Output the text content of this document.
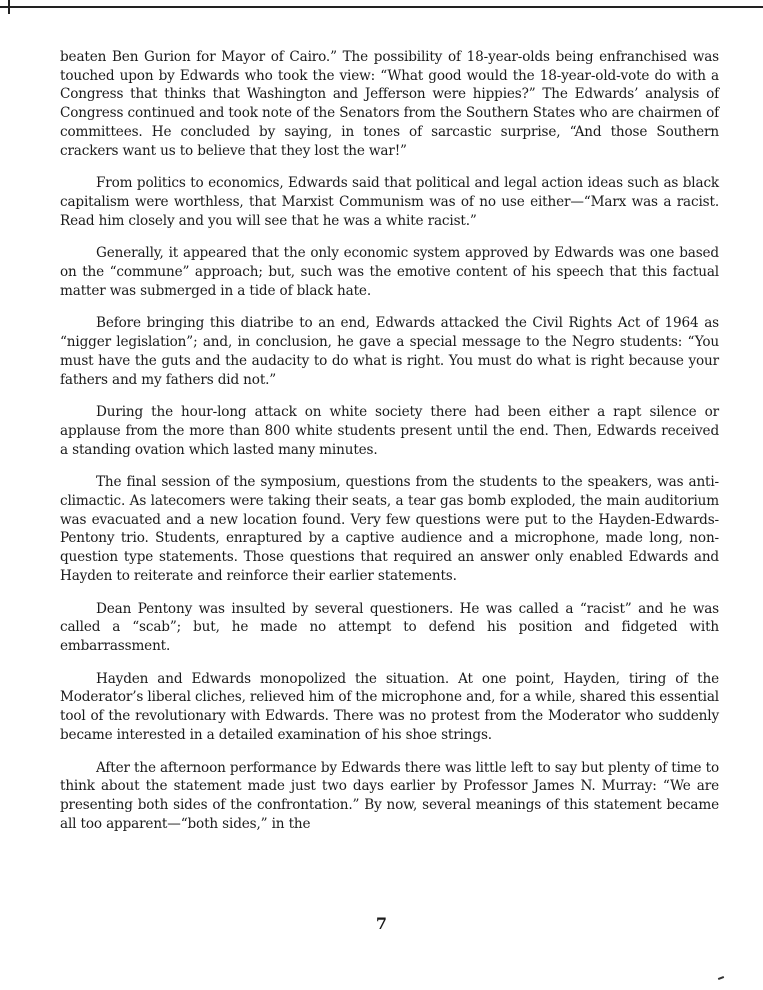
beaten Ben Gurion for Mayor of Cairo.” The possibility of 18-year-olds being enfranchised was touched upon by Edwards who took the view: “What good would the 18-year-old-vote do with a Congress that thinks that Washington and Jefferson were hippies?” The Edwards’ analysis of Congress continued and took note of the Senators from the Southern States who are chairmen of committees. He concluded by saying, in tones of sarcastic surprise, “And those Southern crackers want us to believe that they lost the war!”

From politics to economics, Edwards said that political and legal action ideas such as black capitalism were worthless, that Marxist Communism was of no use either—“Marx was a racist. Read him closely and you will see that he was a white racist.”

Generally, it appeared that the only economic system approved by Edwards was one based on the “commune” approach; but, such was the emotive content of his speech that this factual matter was submerged in a tide of black hate.

Before bringing this diatribe to an end, Edwards attacked the Civil Rights Act of 1964 as “nigger legislation”; and, in conclusion, he gave a special message to the Negro students: “You must have the guts and the audacity to do what is right. You must do what is right because your fathers and my fathers did not.”

During the hour-long attack on white society there had been either a rapt silence or applause from the more than 800 white students present until the end. Then, Edwards received a standing ovation which lasted many minutes.

The final session of the symposium, questions from the students to the speakers, was anti-climactic. As latecomers were taking their seats, a tear gas bomb exploded, the main auditorium was evacuated and a new location found. Very few questions were put to the Hayden-Edwards-Pentony trio. Students, enraptured by a captive audience and a microphone, made long, non-question type statements. Those questions that required an answer only enabled Edwards and Hayden to reiterate and reinforce their earlier statements.

Dean Pentony was insulted by several questioners. He was called a “racist” and he was called a “scab”; but, he made no attempt to defend his position and fidgeted with embarrassment.

Hayden and Edwards monopolized the situation. At one point, Hayden, tiring of the Moderator’s liberal cliches, relieved him of the microphone and, for a while, shared this essential tool of the revolutionary with Edwards. There was no protest from the Moderator who suddenly became interested in a detailed examination of his shoe strings.

After the afternoon performance by Edwards there was little left to say but plenty of time to think about the statement made just two days earlier by Professor James N. Murray: “We are presenting both sides of the confrontation.” By now, several meanings of this statement became all too apparent—“both sides,” in the

7
